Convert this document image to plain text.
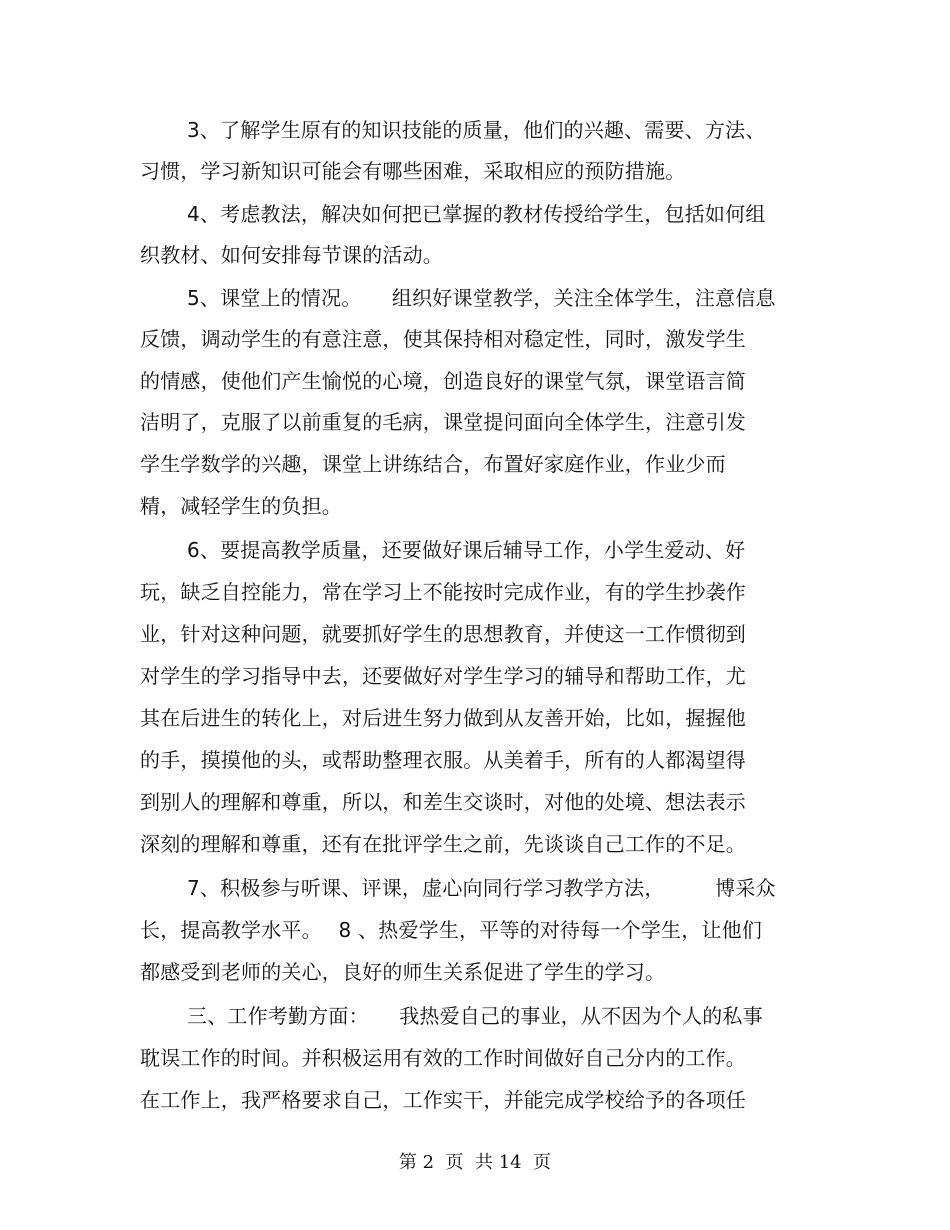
3、了解学生原有的知识技能的质量，他们的兴趣、需要、方法、
习惯，学习新知识可能会有哪些困难，采取相应的预防措施。
4、考虑教法，解决如何把已掌握的教材传授给学生，包括如何组
织教材、如何安排每节课的活动。
5、课堂上的情况。　　组织好课堂教学，关注全体学生，注意信息
反馈，调动学生的有意注意，使其保持相对稳定性，同时，激发学生
的情感，使他们产生愉悦的心境，创造良好的课堂气氛，课堂语言简
洁明了，克服了以前重复的毛病，课堂提问面向全体学生，注意引发
学生学数学的兴趣，课堂上讲练结合，布置好家庭作业，作业少而
精，减轻学生的负担。
6、要提高教学质量，还要做好课后辅导工作，小学生爱动、好
玩，缺乏自控能力，常在学习上不能按时完成作业，有的学生抄袭作
业，针对这种问题，就要抓好学生的思想教育，并使这一工作惯彻到
对学生的学习指导中去，还要做好对学生学习的辅导和帮助工作，尤
其在后进生的转化上，对后进生努力做到从友善开始，比如，握握他
的手，摸摸他的头，或帮助整理衣服。从美着手，所有的人都渴望得
到别人的理解和尊重，所以，和差生交谈时，对他的处境、想法表示
深刻的理解和尊重，还有在批评学生之前，先谈谈自己工作的不足。
7、积极参与听课、评课，虚心向同行学习教学方法，　　　博采众
长，提高教学水平。　 8 、热爱学生，平等的对待每一个学生，让他们
都感受到老师的关心，良好的师生关系促进了学生的学习。
三、工作考勤方面：　　我热爱自己的事业，从不因为个人的私事
耽误工作的时间。并积极运用有效的工作时间做好自己分内的工作。
在工作上，我严格要求自己，工作实干，并能完成学校给予的各项任
第 2  页  共 14  页
